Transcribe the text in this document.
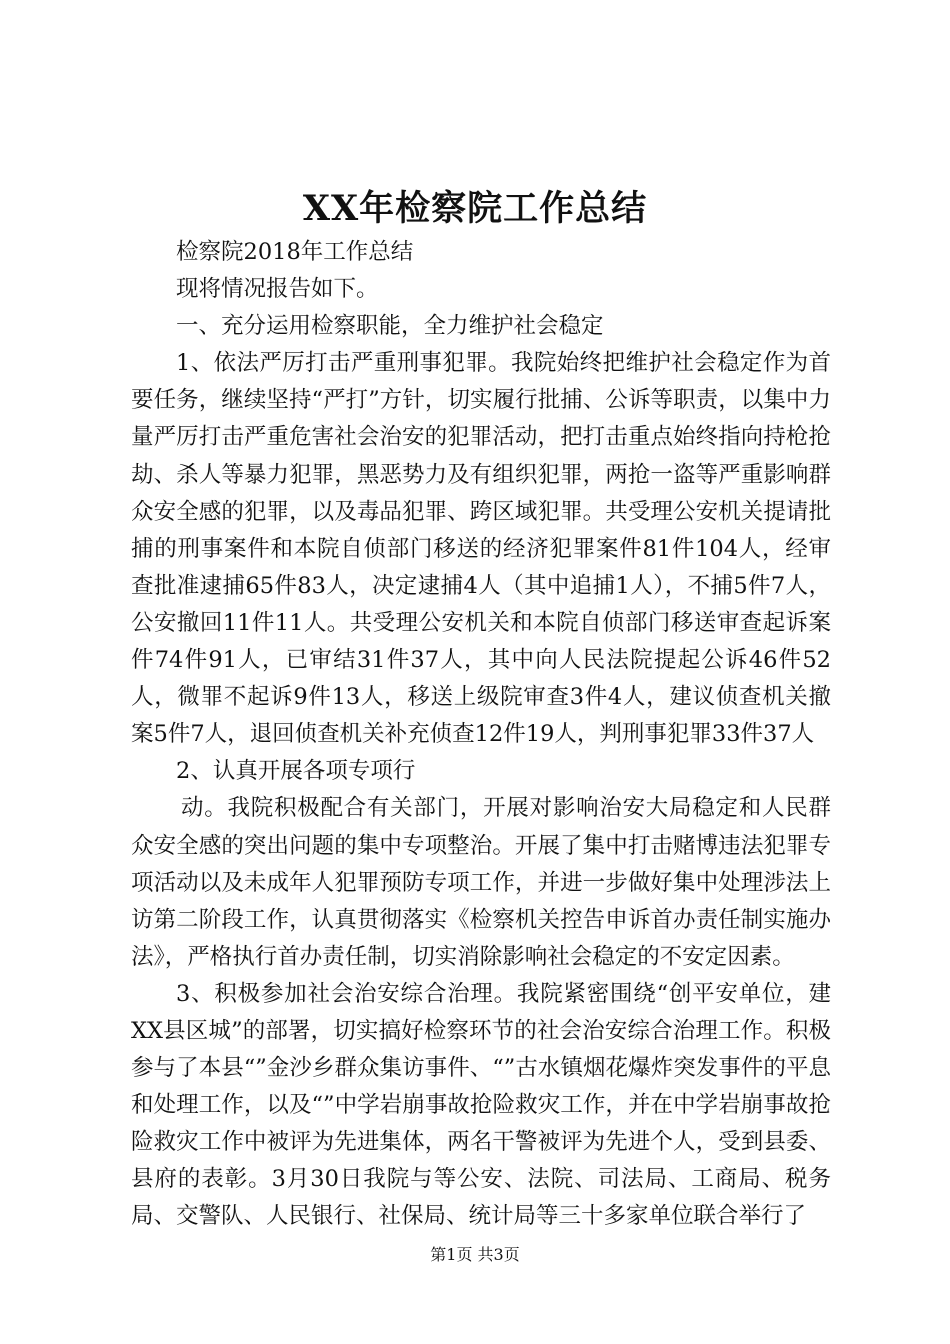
XX年检察院工作总结

检察院2018年工作总结

现将情况报告如下。

一、充分运用检察职能，全力维护社会稳定

1、依法严厉打击严重刑事犯罪。我院始终把维护社会稳定作为首要任务，继续坚持“严打”方针，切实履行批捕、公诉等职责，以集中力量严厉打击严重危害社会治安的犯罪活动，把打击重点始终指向持枪抢劫、杀人等暴力犯罪，黑恶势力及有组织犯罪，两抢一盗等严重影响群众安全感的犯罪，以及毒品犯罪、跨区域犯罪。共受理公安机关提请批捕的刑事案件和本院自侦部门移送的经济犯罪案件81件104人，经审查批准逮捕65件83人，决定逮捕4人（其中追捕1人），不捕5件7人，公安撤回11件11人。共受理公安机关和本院自侦部门移送审查起诉案件74件91人，已审结31件37人，其中向人民法院提起公诉46件52人，微罪不起诉9件13人，移送上级院审查3件4人，建议侦查机关撤案5件7人，退回侦查机关补充侦查12件19人，判刑事犯罪33件37人

2、认真开展各项专项行

动。我院积极配合有关部门，开展对影响治安大局稳定和人民群众安全感的突出问题的集中专项整治。开展了集中打击赌博违法犯罪专项活动以及未成年人犯罪预防专项工作，并进一步做好集中处理涉法上访第二阶段工作，认真贯彻落实《检察机关控告申诉首办责任制实施办法》，严格执行首办责任制，切实消除影响社会稳定的不安定因素。

3、积极参加社会治安综合治理。我院紧密围绕“创平安单位，建XX县区城”的部署，切实搞好检察环节的社会治安综合治理工作。积极参与了本县“”金沙乡群众集访事件、“”古水镇烟花爆炸突发事件的平息和处理工作，以及“”中学岩崩事故抢险救灾工作，并在中学岩崩事故抢险救灾工作中被评为先进集体，两名干警被评为先进个人，受到县委、县府的表彰。3月30日我院与等公安、法院、司法局、工商局、税务局、交警队、人民银行、社保局、统计局等三十多家单位联合举行了

第1页 共3页
